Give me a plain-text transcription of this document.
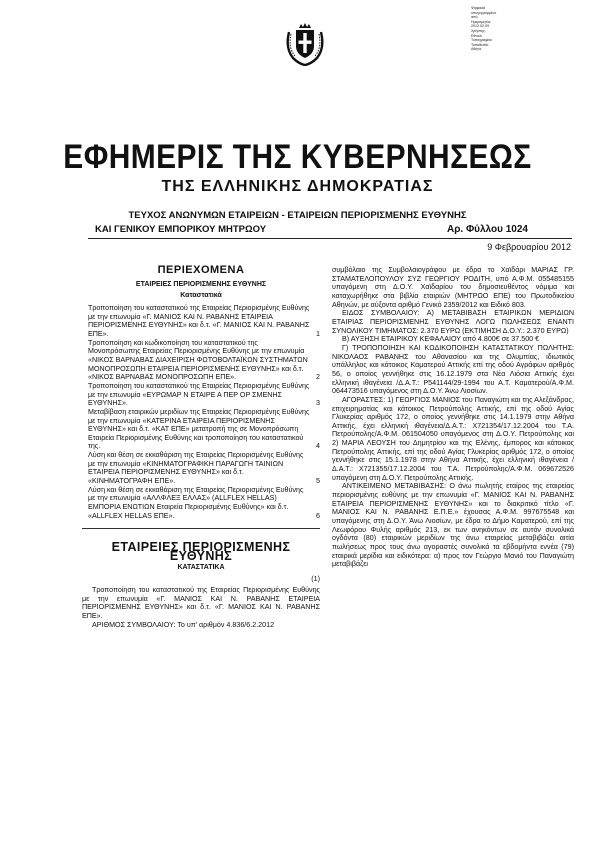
Ψηφιακά
υπογεγραμμένο
από
Ημερομηνία:
2012.02.09
Χρήστης:
Εθνικό
Τυπογραφείο
Τοποθεσία:
Αθήνα
ΕΦΗΜΕΡΙΣ ΤΗΣ ΚΥΒΕΡΝΗΣΕΩΣ
ΤΗΣ ΕΛΛΗΝΙΚΗΣ ΔΗΜΟΚΡΑΤΙΑΣ
ΤΕΥΧΟΣ ΑΝΩΝΥΜΩΝ ΕΤΑΙΡΕΙΩΝ - ΕΤΑΙΡΕΙΩΝ ΠΕΡΙΟΡΙΣΜΕΝΗΣ ΕΥΘΥΝΗΣ
ΚΑΙ ΓΕΝΙΚΟΥ ΕΜΠΟΡΙΚΟΥ ΜΗΤΡΩΟΥ	Αρ. Φύλλου 1024
9 Φεβρουαρίου 2012
ΠΕΡΙΕΧΟΜΕΝΑ
ΕΤΑΙΡΕΙΕΣ ΠΕΡΙΟΡΙΣΜΕΝΗΣ ΕΥΘΥΝΗΣ
Καταστατικά
Τροποποίηση του καταστατικού της Εταιρείας Περιορισμένης Ευθύνης με την επωνυμία «Γ. ΜΑΝΙΟΣ ΚΑΙ Ν. ΡΑΒΑΝΗΣ ΕΤΑΙΡΕΙΑ ΠΕΡΙΟΡΙΣΜΕΝΗΣ ΕΥΘΥΝΗΣ» και δ.τ. «Γ. ΜΑΝΙΟΣ ΚΑΙ Ν. ΡΑΒΑΝΗΣ ΕΠΕ».	1
Τροποποίηση και κωδικοποίηση του καταστατικού της Μονοπρόσωπης Εταιρείας Περιορισμένης Ευθύνης με την επωνυμία «ΝΙΚΟΣ ΒΑΡΝΑΒΑΣ ΔΙΑΧΕΙΡΙΣΗ ΦΩΤΟΒΟΛΤΑΪΚΩΝ ΣΥΣΤΗΜΑΤΩΝ ΜΟΝΟΠΡΟΣΩΠΗ ΕΤΑΙΡΕΙΑ ΠΕΡΙΟΡΙΣΜΕΝΗΣ ΕΥΘΥΝΗΣ» και δ.τ. «ΝΙΚΟΣ ΒΑΡΝΑΒΑΣ ΜΟΝΟΠΡΟΣΩΠΗ ΕΠΕ».	2
Τροποποίηση του καταστατικού της Εταιρείας Περιορισμένης Ευθύνης με την επωνυμία «ΕΥΡΩΜΑΡ Ν ΕΤΑΙΡΕ Α ΠΕΡ ΟΡ ΣΜΕΝΗΣ ΕΥΘΥΝΗΣ».	3
Μεταβίβαση εταιρικών μεριδίων της Εταιρείας Περιορισμένης Ευθύνης με την επωνυμία «ΚΑΤΕΡΙΝΑ ΕΤΑΙΡΕΙΑ ΠΕΡΙΟΡΙΣΜΕΝΗΣ ΕΥΘΥΝΗΣ» και δ.τ. «ΚΑΤ ΕΠΕ» μετατροπή της σε Μονοπρόσωπη Εταιρεία Περιορισμένης Ευθύνης και τροποποίηση του καταστατικού της.	4
Λύση και θέση σε εκκαθάριση της Εταιρείας Περιορισμένης Ευθύνης με την επωνυμία «ΚΙΝΗΜΑΤΟΓΡΑΦΙΚΗ ΠΑΡΑΓΩΓΗ ΤΑΙΝΙΩΝ ΕΤΑΙΡΕΙΑ ΠΕΡΙΟΡΙΣΜΕΝΗΣ ΕΥΘΥΝΗΣ» και δ.τ. «ΚΙΝΗΜΑΤΟΓΡΑΦΗ ΕΠΕ».	5
Λύση και θέση σε εκκαθάριση της Εταιρείας Περιορισμένης Ευθύνης με την επωνυμία «ΑΛΛΦΛΕΞ ΕΛΛΑΣ» (ALLFLEX HELLAS) ΕΜΠΟΡΙΑ ΕΝΩΤΙΩΝ Εταιρεία Περιορισμένης Ευθύνης» και δ.τ. «ALLFLEX HELLAS ΕΠΕ».	6
ΕΤΑΙΡΕΙΕΣ ΠΕΡΙΟΡΙΣΜΕΝΗΣ ΕΥΘΥΝΗΣ
ΚΑΤΑΣΤΑΤΙΚΑ
(1)

Τροποποίηση του καταστατικού της Εταιρείας Περιορισμένης Ευθύνης με την επωνυμία «Γ. ΜΑΝΙΟΣ ΚΑΙ Ν. ΡΑΒΑΝΗΣ ΕΤΑΙΡΕΙΑ ΠΕΡΙΟΡΙΣΜΕΝΗΣ ΕΥΘΥΝΗΣ» και δ.τ. «Γ. ΜΑΝΙΟΣ ΚΑΙ Ν. ΡΑΒΑΝΗΣ ΕΠΕ».

ΑΡΙΘΜΟΣ ΣΥΜΒΟΛΑΙΟΥ: Το υπ' αριθμόν 4.836/6.2.2012

συμβόλαιο της Συμβολαιογράφου με έδρα το Χαϊδάρι ΜΑΡΙΑΣ ΓΡ. ΣΤΑΜΑΤΕΛΟΠΟΥΛΟΥ ΣΥΖ ΓΕΩΡΓΙΟΥ ΡΟΔΙΤΗ, υπό Α.Φ.Μ. 055485155 υπαγόμενη στη Δ.Ο.Υ. Χαϊδαρίου του δημοσιευθέντος νόμιμα και καταχωρήθηκε στα βιβλία εταιριών (ΜΗΤΡΩΟ ΕΠΕ) του Πρωτοδικείου Αθηνών, με αύξοντα αριθμό Γενικό 2359/2012 και Ειδικό 803.

ΕΙΔΟΣ ΣΥΜΒΟΛΑΙΟΥ: Α) ΜΕΤΑΒΙΒΑΣΗ ΕΤΑΙΡΙΚΩΝ ΜΕΡΙΔΙΩΝ ΕΤΑΙΡΙΑΣ ΠΕΡΙΟΡΙΣΜΕΝΗΣ ΕΥΘΥΝΗΣ ΛΟΓΩ ΠΩΛΗΣΕΩΣ ΕΝΑΝΤΙ ΣΥΝΟΛΙΚΟΥ ΤΙΜΗΜΑΤΟΣ: 2.370 ΕΥΡΩ (ΕΚΤΙΜΗΣΗ Δ.Ο.Υ.: 2.370 ΕΥΡΩ)

Β) ΑΥΞΗΣΗ ΕΤΑΙΡΙΚΟΥ ΚΕΦΑΛΑΙΟΥ από 4.800€ σε 37.500 €

Γ) ΤΡΟΠΟΠΟΙΗΣΗ ΚΑΙ ΚΩΔΙΚΟΠΟΙΗΣΗ ΚΑΤΑΣΤΑΤΙΚΟΥ ΠΩΛΗΤΗΣ: ΝΙΚΟΛΑΟΣ ΡΑΒΑΝΗΣ του Αθανασίου και της Ολυμπίας, ιδιωτικός υπάλληλος και κάτοικος Καματερού Αττικής επί της οδού Αγράφων αριθμός 56, ο οποίος γεννήθηκε στις 16.12.1979 στα Νέα Λιόσια Αττικής έχει ελληνική ιθαγένεια /Δ.Α.Τ.: Ρ541144/29-1994 του Α.Τ. Καματερού/Α.Φ.Μ. 064473516 υπαγόμενος στη Δ.Ο.Υ. Άνω Λιοσίων.

ΑΓΟΡΑΣΤΕΣ: 1) ΓΕΩΡΓΙΟΣ ΜΑΝΙΟΣ του Παναγιώτη και της Αλεξάνδρας, επιχειρηματίας και κάτοικος Πετρούπολης Αττικής, επί της οδού Αγίας Γλυκερίας αριθμός 172, ο οποίος γεννήθηκε στις 14.1.1979 στην Αθήνα Αττικής, έχει ελληνική ιθαγένεια/Δ.Α.Τ.: Χ721354/17.12.2004 του Τ.Α. Πετρούπολης/Α.Φ.Μ. 061504050 υπαγόμενος στη Δ.Ο.Υ. Πετρούπολης και 2) ΜΑΡΙΑ ΛΕΟΥΣΗ του Δημητρίου και της Ελένης, έμπορος και κάτοικος Πετρούπολης Αττικής, επί της οδού Αγίας Γλυκερίας αριθμός 172, ο οποίος γεννήθηκε στις 15.1.1978 στην Αθήνα Αττικής, έχει ελληνική ιθαγένεια / Δ.Α.Τ.: Χ721355/17.12.2004 του Τ.Α. Πετρούπολης/Α.Φ.Μ. 069672526 υπαγόμενη στη Δ.Ο.Υ. Πετρούπολης Αττικής.

ΑΝΤΙΚΕΙΜΕΝΟ ΜΕΤΑΒΙΒΑΣΗΣ: Ο άνω πωλητής εταίρος της εταιρείας περιορισμένης ευθύνης με την επωνυμία «Γ. ΜΑΝΙΟΣ ΚΑΙ Ν. ΡΑΒΑΝΗΣ ΕΤΑΙΡΕΙΑ ΠΕΡΙΟΡΙΣΜΕΝΗΣ ΕΥΘΥΝΗΣ» και το διακριτικό τίτλο «Γ. ΜΑΝΙΟΣ ΚΑΙ Ν. ΡΑΒΑΝΗΣ Ε.Π.Ε.» έχουσας Α.Φ.Μ. 997675548 και υπαγόμενης στη Δ.Ο.Υ. Άνω Λιοσίων, με έδρα το Δήμο Καματερού, επί της Λεωφόρου Φυλής αριθμός 213, εκ των ανηκόντων σε αυτόν συνολικά ογδόντα (80) εταιρικών μεριδίων της άνω εταιρείας μεταβιβάζει αιτία πωλήσεως προς τους άνω αγοραστές συνολικά τα εβδομήντα εννέα (79) εταιρικά μερίδια και ειδικότερα: α) προς τον Γεώργιο Μανιό του Παναγιώτη μεταβιβάζει
